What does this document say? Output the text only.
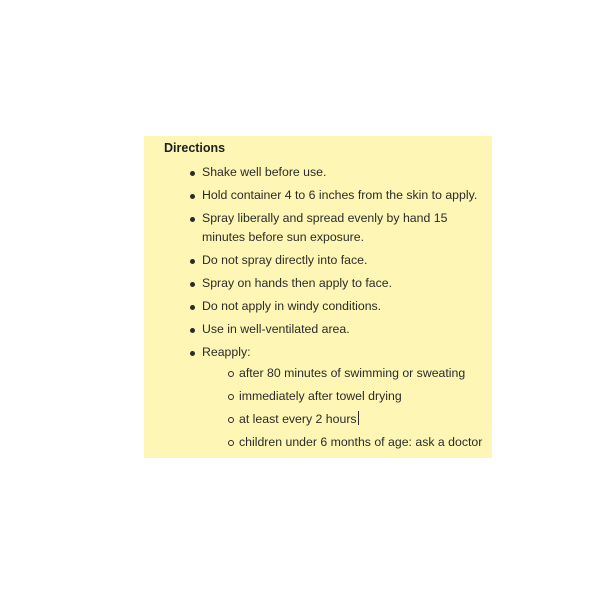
Directions
Shake well before use.
Hold container 4 to 6 inches from the skin to apply.
Spray liberally and spread evenly by hand 15 minutes before sun exposure.
Do not spray directly into face.
Spray on hands then apply to face.
Do not apply in windy conditions.
Use in well-ventilated area.
Reapply:
after 80 minutes of swimming or sweating
immediately after towel drying
at least every 2 hours
children under 6 months of age: ask a doctor
